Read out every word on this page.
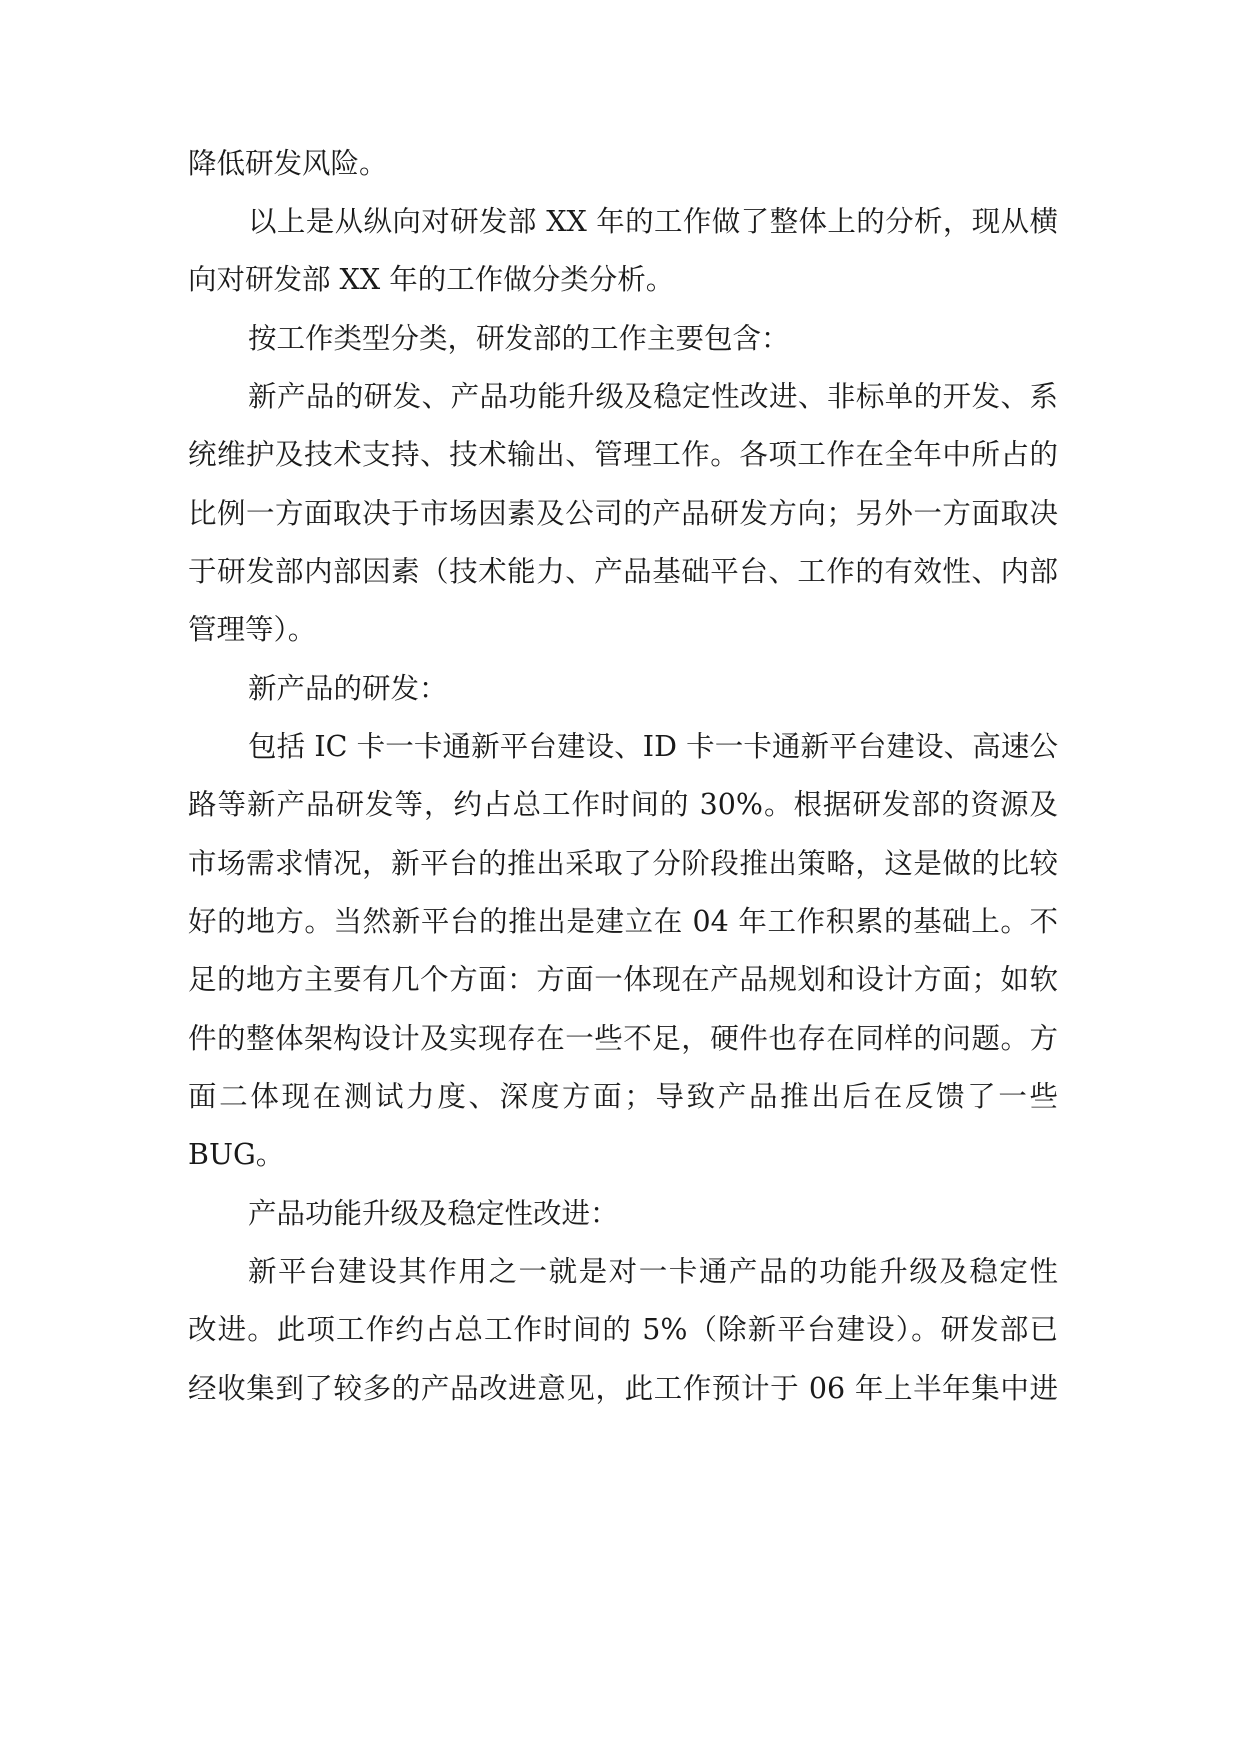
降低研发风险。
以上是从纵向对研发部 XX 年的工作做了整体上的分析，现从横
向对研发部 XX 年的工作做分类分析。
按工作类型分类，研发部的工作主要包含：
新产品的研发、产品功能升级及稳定性改进、非标单的开发、系
统维护及技术支持、技术输出、管理工作。各项工作在全年中所占的
比例一方面取决于市场因素及公司的产品研发方向；另外一方面取决
于研发部内部因素（技术能力、产品基础平台、工作的有效性、内部
管理等）。
新产品的研发：
包括 IC 卡一卡通新平台建设、ID 卡一卡通新平台建设、高速公
路等新产品研发等，约占总工作时间的 30%。根据研发部的资源及
市场需求情况，新平台的推出采取了分阶段推出策略，这是做的比较
好的地方。当然新平台的推出是建立在 04 年工作积累的基础上。不
足的地方主要有几个方面：方面一体现在产品规划和设计方面；如软
件的整体架构设计及实现存在一些不足，硬件也存在同样的问题。方
面二体现在测试力度、深度方面；导致产品推出后在反馈了一些
BUG。
产品功能升级及稳定性改进：
新平台建设其作用之一就是对一卡通产品的功能升级及稳定性
改进。此项工作约占总工作时间的 5%（除新平台建设）。研发部已
经收集到了较多的产品改进意见，此工作预计于 06 年上半年集中进
